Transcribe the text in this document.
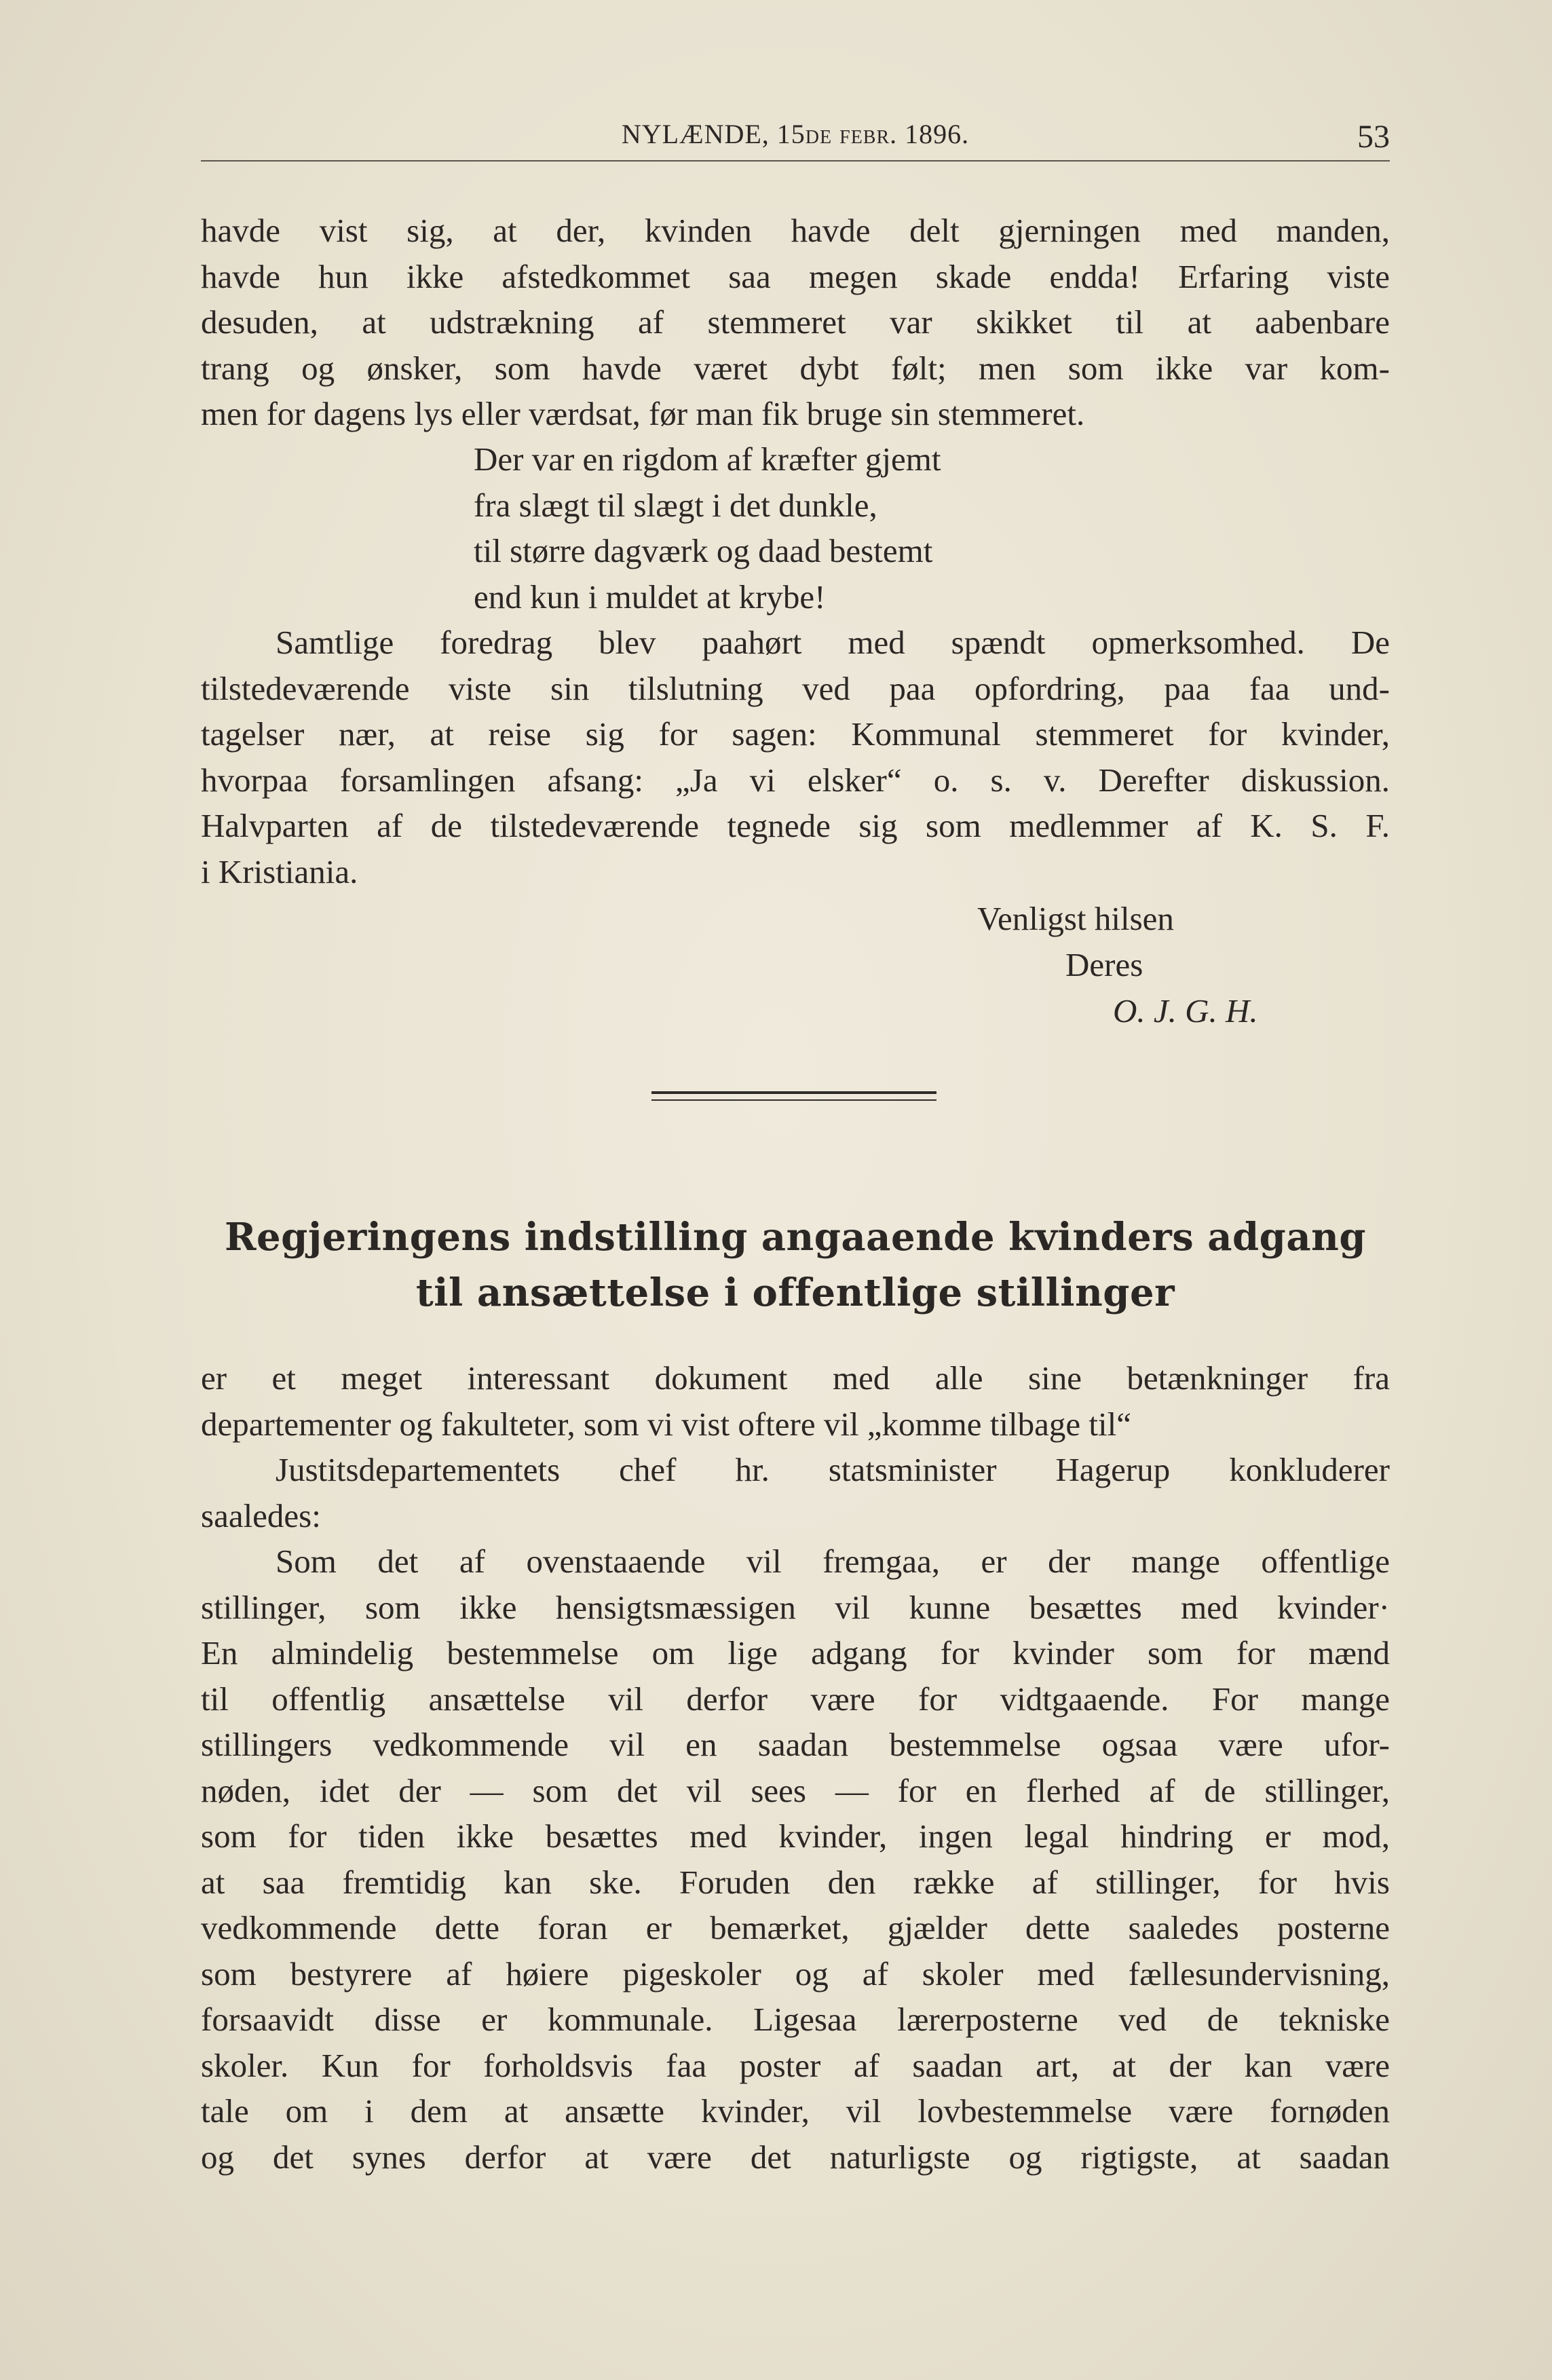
NYLÆNDE, 15de febr. 1896.	53
havde vist sig, at der, kvinden havde delt gjerningen med manden,
havde hun ikke afstedkommet saa megen skade endda! Erfaring viste
desuden, at udstrækning af stemmeret var skikket til at aabenbare
trang og ønsker, som havde været dybt følt; men som ikke var kom-
men for dagens lys eller værdsat, før man fik bruge sin stemmeret.
Der var en rigdom af kræfter gjemt
fra slægt til slægt i det dunkle,
til større dagværk og daad bestemt
end kun i muldet at krybe!
Samtlige foredrag blev paahørt med spændt opmerksomhed. De
tilstedeværende viste sin tilslutning ved paa opfordring, paa faa und-
tagelser nær, at reise sig for sagen: Kommunal stemmeret for kvinder,
hvorpaa forsamlingen afsang: „Ja vi elsker“ o. s. v. Derefter diskussion.
Halvparten af de tilstedeværende tegnede sig som medlemmer af K. S. F.
i Kristiania.
Venligst hilsen
Deres
O. J. G. H.
Regjeringens indstilling angaaende kvinders adgang
til ansættelse i offentlige stillinger
er et meget interessant dokument med alle sine betænkninger fra
departementer og fakulteter, som vi vist oftere vil „komme tilbage til“
Justitsdepartementets chef hr. statsminister Hagerup konkluderer
saaledes:
Som det af ovenstaaende vil fremgaa, er der mange offentlige
stillinger, som ikke hensigtsmæssigen vil kunne besættes med kvinder·
En almindelig bestemmelse om lige adgang for kvinder som for mænd
til offentlig ansættelse vil derfor være for vidtgaaende. For mange
stillingers vedkommende vil en saadan bestemmelse ogsaa være ufor-
nøden, idet der — som det vil sees — for en flerhed af de stillinger,
som for tiden ikke besættes med kvinder, ingen legal hindring er mod,
at saa fremtidig kan ske. Foruden den række af stillinger, for hvis
vedkommende dette foran er bemærket, gjælder dette saaledes posterne
som bestyrere af høiere pigeskoler og af skoler med fællesundervisning,
forsaavidt disse er kommunale. Ligesaa lærerposterne ved de tekniske
skoler. Kun for forholdsvis faa poster af saadan art, at der kan være
tale om i dem at ansætte kvinder, vil lovbestemmelse være fornøden
og det synes derfor at være det naturligste og rigtigste, at saadan
